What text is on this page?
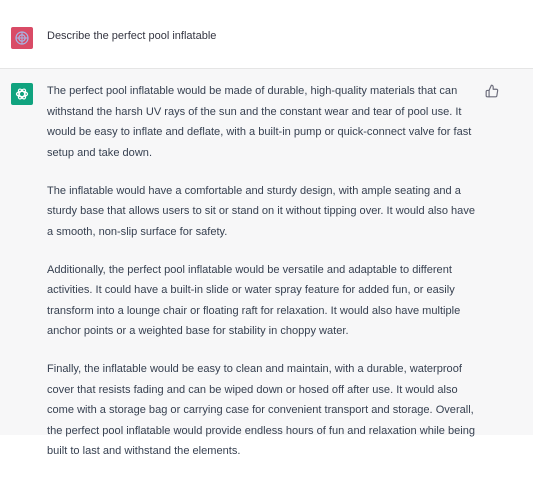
Describe the perfect pool inflatable

The perfect pool inflatable would be made of durable, high-quality materials that can withstand the harsh UV rays of the sun and the constant wear and tear of pool use. It would be easy to inflate and deflate, with a built-in pump or quick-connect valve for fast setup and take down.

The inflatable would have a comfortable and sturdy design, with ample seating and a sturdy base that allows users to sit or stand on it without tipping over. It would also have a smooth, non-slip surface for safety.

Additionally, the perfect pool inflatable would be versatile and adaptable to different activities. It could have a built-in slide or water spray feature for added fun, or easily transform into a lounge chair or floating raft for relaxation. It would also have multiple anchor points or a weighted base for stability in choppy water.

Finally, the inflatable would be easy to clean and maintain, with a durable, waterproof cover that resists fading and can be wiped down or hosed off after use. It would also come with a storage bag or carrying case for convenient transport and storage. Overall, the perfect pool inflatable would provide endless hours of fun and relaxation while being built to last and withstand the elements.
